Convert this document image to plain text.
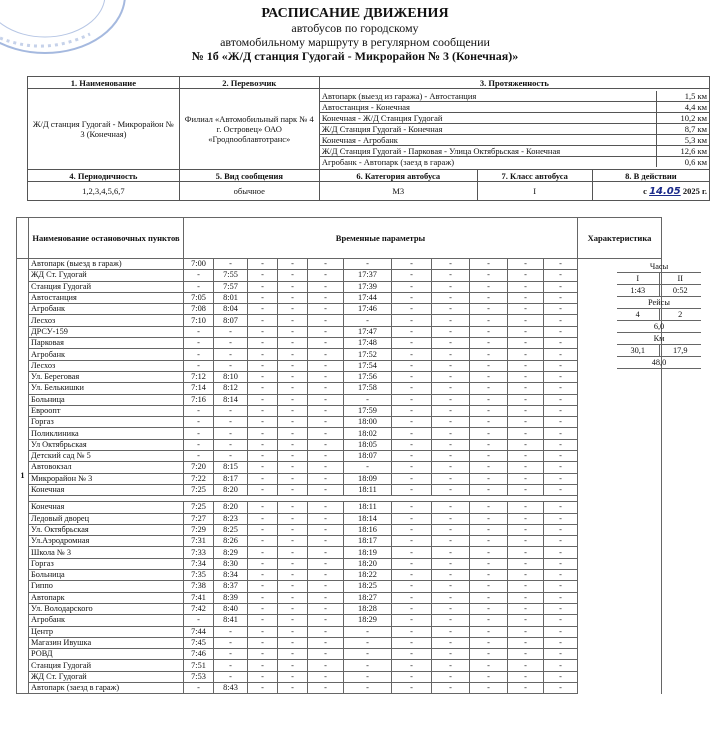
РАСПИСАНИЕ ДВИЖЕНИЯ
автобусов по городскому
автомобильному маршруту в регулярном сообщении
№ 1б «Ж/Д станция Гудогай - Микрорайон № 3 (Конечная)»
1. Наименование	2. Перевозчик	3. Протяженность
Ж/Д станция Гудогай - Микрорайон № 3 (Конечная)	Филиал «Автомобильный парк № 4 г. Островец» ОАО «Гродnooблавтотранс»	
Автопарк (выезд из гаража) - Автостанция	1,5 км
Автостанция - Конечная	4,4 км
Конечная - Ж/Д Станция Гудогай	10,2 км
Ж/Д Станция Гудогай - Конечная	8,7 км
Конечная - Агробанк	5,3 км
Ж/Д Станция Гудогай - Парковая - Улица Октябрьская - Конечная	12,6 км
Агробанк - Автопарк (заезд в гараж)	0,6 км

4. Периодичность	5. Вид сообщения	6. Категория автобуса	7. Класс автобуса	8. В действии
1,2,3,4,5,6,7	обычное	М3	I	с 14.05 2025 г.
	Наименование остановочных пунктов	Временные параметры											Характеристика
1	Автопарк (выезд в гараж)	7:00	-	-	-	-	-	-	-	-	-	-	
	ЖД Ст. Гудогай	-	7:55	-	-	-	17:37	-	-	-	-	-	
	Станция Гудогай	-	7:57	-	-	-	17:39	-	-	-	-	-	
	Автостанция	7:05	8:01	-	-	-	17:44	-	-	-	-	-	
	Агробанк	7:08	8:04	-	-	-	17:46	-	-	-	-	-	
	Лесхоз	7:10	8:07	-	-	-	-	-	-	-	-	-	
	ДРСУ-159	-	-	-	-	-	17:47	-	-	-	-	-	
	Парковая	-	-	-	-	-	17:48	-	-	-	-	-	
	Агробанк	-	-	-	-	-	17:52	-	-	-	-	-	
	Лесхоз	-	-	-	-	-	17:54	-	-	-	-	-	
	Ул. Береговая	7:12	8:10	-	-	-	17:56	-	-	-	-	-	
	Ул. Белькишки	7:14	8:12	-	-	-	17:58	-	-	-	-	-	
	Больница	7:16	8:14	-	-	-	-	-	-	-	-	-	
	Евроопт	-	-	-	-	-	17:59	-	-	-	-	-	
	Горгаз	-	-	-	-	-	18:00	-	-	-	-	-	
	Поликлиника	-	-	-	-	-	18:02	-	-	-	-	-	
	Ул Октябрьская	-	-	-	-	-	18:05	-	-	-	-	-	
	Детский сад № 5	-	-	-	-	-	18:07	-	-	-	-	-	
	Автовокзал	7:20	8:15	-	-	-	-	-	-	-	-	-	
	Микрорайон № 3	7:22	8:17	-	-	-	18:09	-	-	-	-	-	
	Конечная	7:25	8:20	-	-	-	18:11	-	-	-	-	-	

	Конечная	7:25	8:20	-	-	-	18:11	-	-	-	-	-	
	Ледовый дворец	7:27	8:23	-	-	-	18:14	-	-	-	-	-	
	Ул. Октябрьская	7:29	8:25	-	-	-	18:16	-	-	-	-	-	
	Ул.Аэродромная	7:31	8:26	-	-	-	18:17	-	-	-	-	-	
	Школа № 3	7:33	8:29	-	-	-	18:19	-	-	-	-	-	
	Горгаз	7:34	8:30	-	-	-	18:20	-	-	-	-	-	
	Больница	7:35	8:34	-	-	-	18:22	-	-	-	-	-	
	Гиппо	7:38	8:37	-	-	-	18:25	-	-	-	-	-	
	Автопарк	7:41	8:39	-	-	-	18:27	-	-	-	-	-	
	Ул. Володарского	7:42	8:40	-	-	-	18:28	-	-	-	-	-	
	Агробанк	-	8:41	-	-	-	18:29	-	-	-	-	-	
	Центр	7:44	-	-	-	-	-	-	-	-	-	-	
	Магазин Ивушка	7:45	-	-	-	-	-	-	-	-	-	-	
	РОВД	7:46	-	-	-	-	-	-	-	-	-	-	
	Станция Гудогай	7:51	-	-	-	-	-	-	-	-	-	-	
	ЖД Ст. Гудогай	7:53	-	-	-	-	-	-	-	-	-	-	
	Автопарк (заезд в гараж)	-	8:43	-	-	-	-	-	-	-	-	-	
Часы
I	II
1:43	0:52
Рейсы
4	2
6,0
Км
30,1	17,9
48,0
